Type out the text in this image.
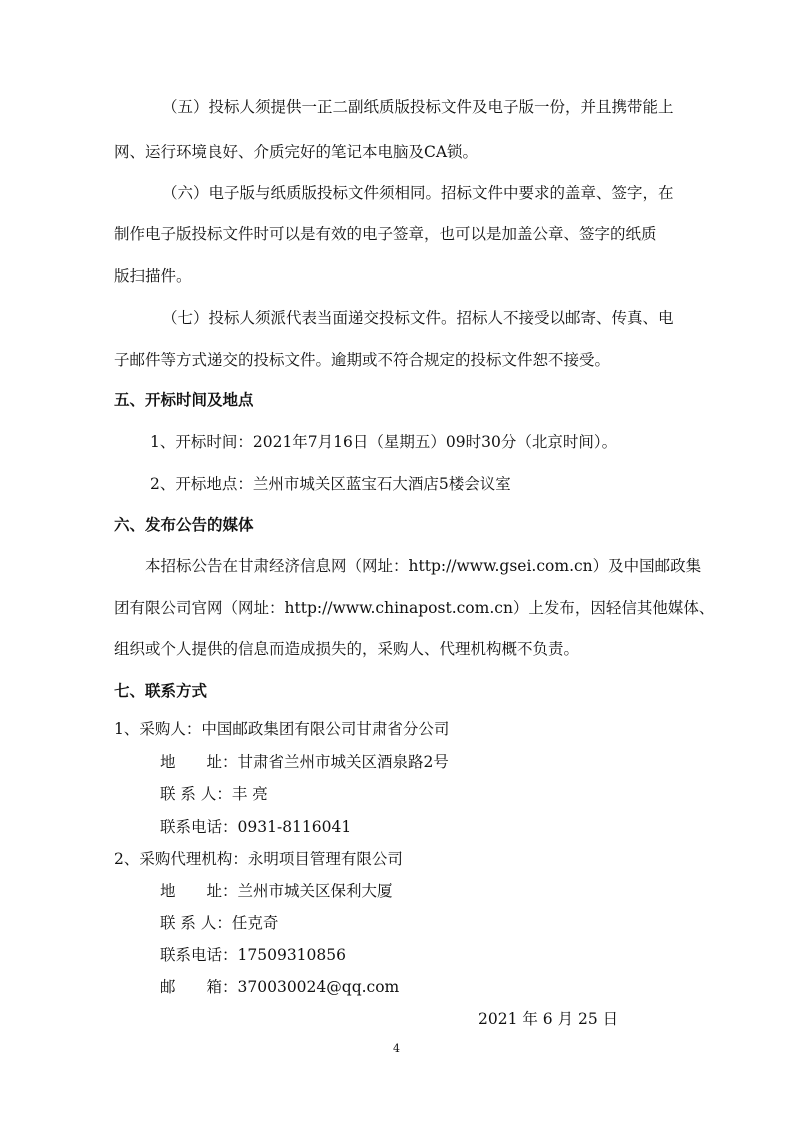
（五）投标人须提供一正二副纸质版投标文件及电子版一份，并且携带能上
网、运行环境良好、介质完好的笔记本电脑及CA锁。
（六）电子版与纸质版投标文件须相同。招标文件中要求的盖章、签字，在
制作电子版投标文件时可以是有效的电子签章，也可以是加盖公章、签字的纸质
版扫描件。
（七）投标人须派代表当面递交投标文件。招标人不接受以邮寄、传真、电
子邮件等方式递交的投标文件。逾期或不符合规定的投标文件恕不接受。
五、开标时间及地点
1、开标时间：2021年7月16日（星期五）09时30分（北京时间）。
2、开标地点：兰州市城关区蓝宝石大酒店5楼会议室
六、发布公告的媒体
本招标公告在甘肃经济信息网（网址：http://www.gsei.com.cn）及中国邮政集
团有限公司官网（网址：http://www.chinapost.com.cn）上发布，因轻信其他媒体、
组织或个人提供的信息而造成损失的，采购人、代理机构概不负责。
七、联系方式
1、采购人：中国邮政集团有限公司甘肃省分公司
地　　址：甘肃省兰州市城关区酒泉路2号
联 系 人：丰 亮
联系电话：0931-8116041
2、采购代理机构：永明项目管理有限公司
地　　址：兰州市城关区保利大厦
联 系 人：任克奇
联系电话：17509310856
邮　　箱：370030024@qq.com
2021 年 6 月 25 日
4
